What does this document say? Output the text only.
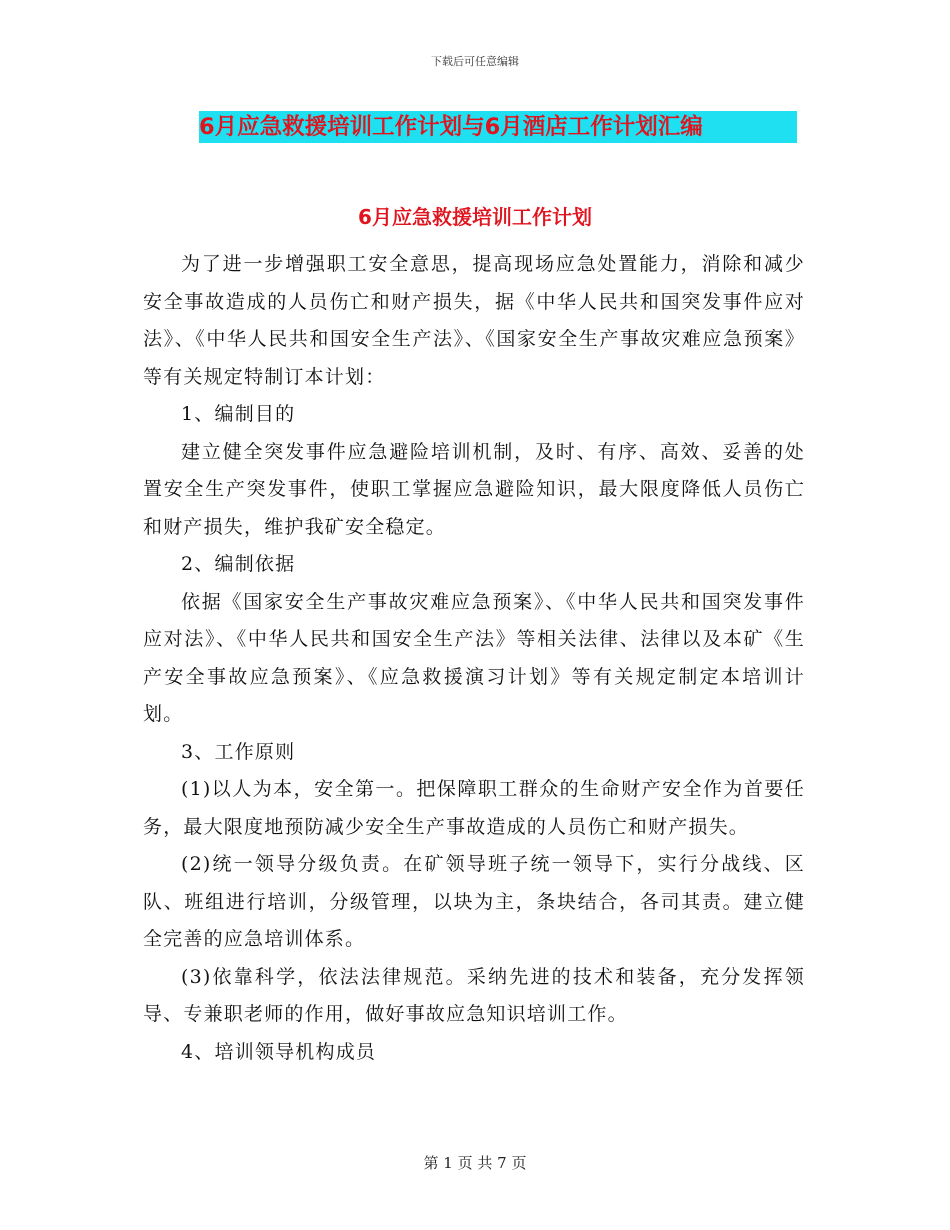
下载后可任意编辑
6月应急救援培训工作计划与6月酒店工作计划汇编
6月应急救援培训工作计划

为了进一步增强职工安全意思，提高现场应急处置能力，消除和减少安全事故造成的人员伤亡和财产损失，据《中华人民共和国突发事件应对法》、《中华人民共和国安全生产法》、《国家安全生产事故灾难应急预案》等有关规定特制订本计划：

1、编制目的

建立健全突发事件应急避险培训机制，及时、有序、高效、妥善的处置安全生产突发事件，使职工掌握应急避险知识，最大限度降低人员伤亡和财产损失，维护我矿安全稳定。

2、编制依据

依据《国家安全生产事故灾难应急预案》、《中华人民共和国突发事件应对法》、《中华人民共和国安全生产法》等相关法律、法律以及本矿《生产安全事故应急预案》、《应急救援演习计划》等有关规定制定本培训计划。

3、工作原则

(1)以人为本，安全第一。把保障职工群众的生命财产安全作为首要任务，最大限度地预防减少安全生产事故造成的人员伤亡和财产损失。

(2)统一领导分级负责。在矿领导班子统一领导下，实行分战线、区队、班组进行培训，分级管理，以块为主，条块结合，各司其责。建立健全完善的应急培训体系。

(3)依靠科学，依法法律规范。采纳先进的技术和装备，充分发挥领导、专兼职老师的作用，做好事故应急知识培训工作。

4、培训领导机构成员

第 1 页 共 7 页
